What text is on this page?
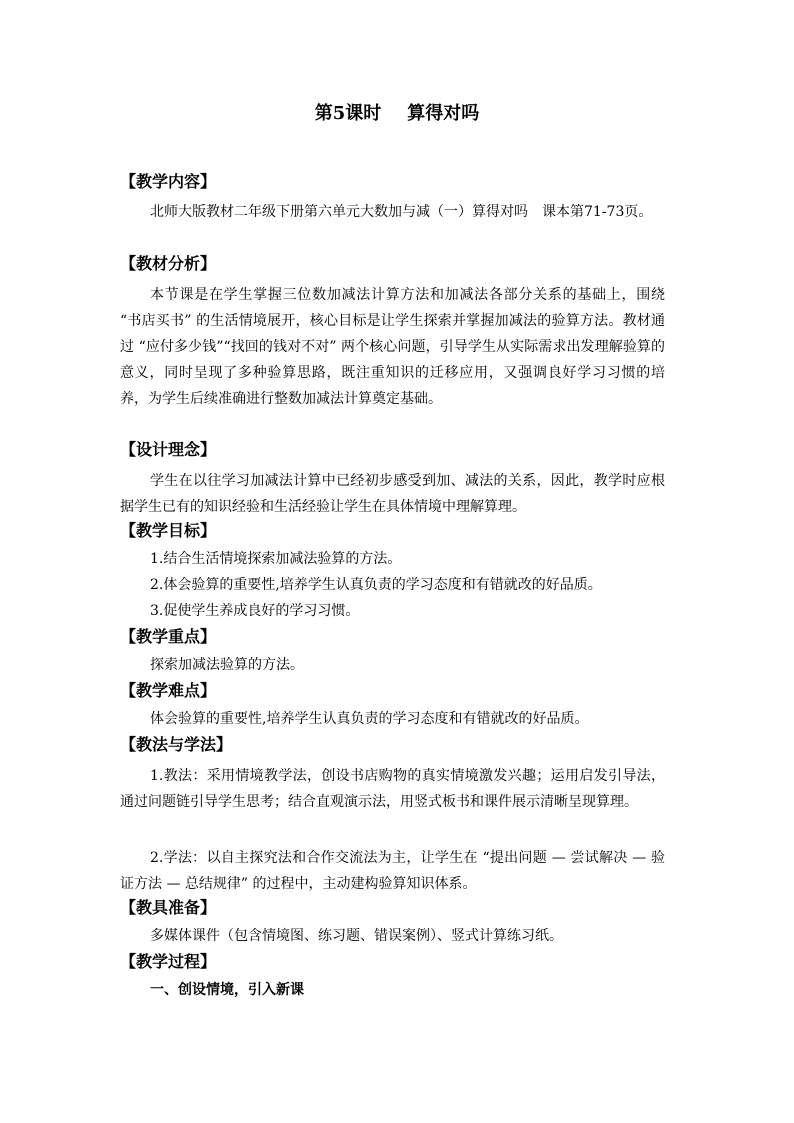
第5课时 算得对吗
【教学内容】

北师大版教材二年级下册第六单元大数加与减（一）算得对吗　课本第71-73页。

【教材分析】

本节课是在学生掌握三位数加减法计算方法和加减法各部分关系的基础上，围绕 “书店买书” 的生活情境展开，核心目标是让学生探索并掌握加减法的验算方法。教材通过 “应付多少钱”“找回的钱对不对” 两个核心问题，引导学生从实际需求出发理解验算的意义，同时呈现了多种验算思路，既注重知识的迁移应用，又强调良好学习习惯的培养，为学生后续准确进行整数加减法计算奠定基础。

【设计理念】

学生在以往学习加减法计算中已经初步感受到加、减法的关系，因此，教学时应根据学生已有的知识经验和生活经验让学生在具体情境中理解算理。

【教学目标】
1.结合生活情境探索加减法验算的方法。
2.体会验算的重要性,培养学生认真负责的学习态度和有错就改的好品质。
3.促使学生养成良好的学习习惯。
【教学重点】
探索加减法验算的方法。
【教学难点】
体会验算的重要性,培养学生认真负责的学习态度和有错就改的好品质。
【教法与学法】

1.教法：采用情境教学法，创设书店购物的真实情境激发兴趣；运用启发引导法，通过问题链引导学生思考；结合直观演示法，用竖式板书和课件展示清晰呈现算理。

2.学法：以自主探究法和合作交流法为主，让学生在 “提出问题 — 尝试解决 — 验证方法 — 总结规律” 的过程中，主动建构验算知识体系。

【教具准备】
多媒体课件（包含情境图、练习题、错误案例）、竖式计算练习纸。
【教学过程】
一、创设情境，引入新课
